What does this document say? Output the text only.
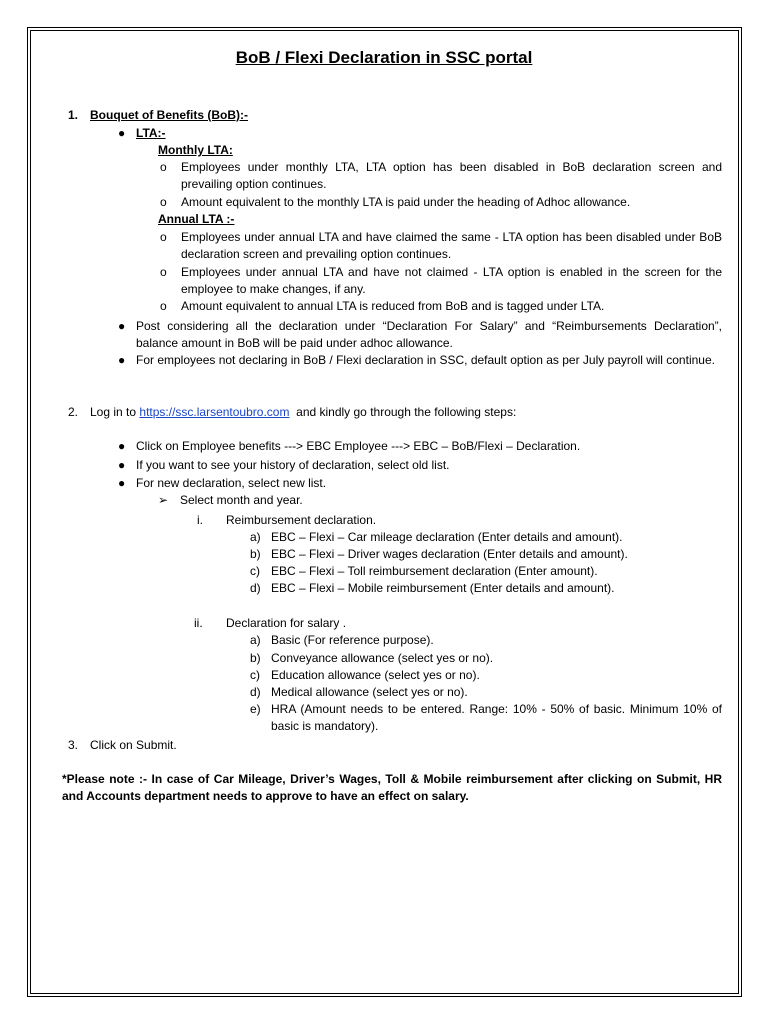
BoB / Flexi Declaration in SSC portal
1. Bouquet of Benefits (BoB):-
● LTA:-
Monthly LTA:
o Employees under monthly LTA, LTA option has been disabled in BoB declaration screen and prevailing option continues.
o Amount equivalent to the monthly LTA is paid under the heading of Adhoc allowance.
Annual LTA :-
o Employees under annual LTA and have claimed the same - LTA option has been disabled under BoB declaration screen and prevailing option continues.
o Employees under annual LTA and have not claimed - LTA option is enabled in the screen for the employee to make changes, if any.
o Amount equivalent to annual LTA is reduced from BoB and is tagged under LTA.
● Post considering all the declaration under “Declaration For Salary” and “Reimbursements Declaration”, balance amount in BoB will be paid under adhoc allowance.
● For employees not declaring in BoB / Flexi declaration in SSC, default option as per July payroll will continue.
2. Log in to https://ssc.larsentoubro.com and kindly go through the following steps:
● Click on Employee benefits ---> EBC Employee ---> EBC – BoB/Flexi – Declaration.
● If you want to see your history of declaration, select old list.
● For new declaration, select new list.
➢ Select month and year.
i. Reimbursement declaration.
a) EBC – Flexi – Car mileage declaration (Enter details and amount).
b) EBC – Flexi – Driver wages declaration (Enter details and amount).
c) EBC – Flexi – Toll reimbursement declaration (Enter amount).
d) EBC – Flexi – Mobile reimbursement (Enter details and amount).
ii. Declaration for salary .
a) Basic (For reference purpose).
b) Conveyance allowance (select yes or no).
c) Education allowance (select yes or no).
d) Medical allowance (select yes or no).
e) HRA (Amount needs to be entered. Range: 10% - 50% of basic. Minimum 10% of basic is mandatory).
3. Click on Submit.
*Please note :- In case of Car Mileage, Driver’s Wages, Toll & Mobile reimbursement after clicking on Submit, HR and Accounts department needs to approve to have an effect on salary.
